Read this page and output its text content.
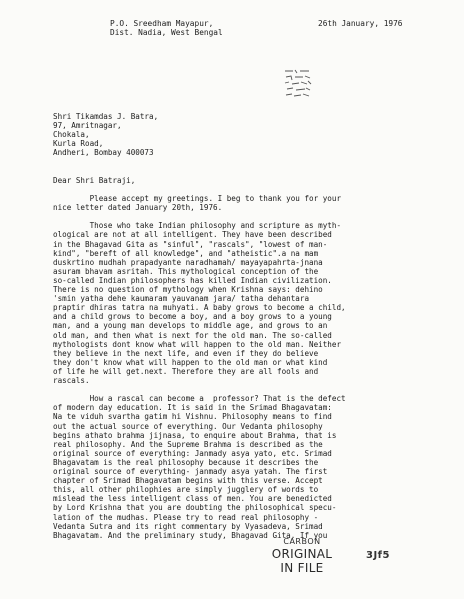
P.O. Sreedham Mayapur,	26th January, 1976
Dist. Nadia, West Bengal
Shri Tikamdas J. Batra,
97, Amritnagar,
Chokala,
Kurla Road,
Andheri, Bombay 400073
Dear Shri Batraji,
Please accept my greetings. I beg to thank you for your
nice letter dated January 20th, 1976.
Those who take Indian philosophy and scripture as myth-
ological are not at all intelligent. They have been described
in the Bhagavad Gita as "sinful", "rascals", "lowest of man-
kind", "bereft of all knowledge", and "atheistic".a na mam
duskrtino mudhah prapadyante naradhamah/ mayayapahrta-jnana
asuram bhavam asritah. This mythological conception of the
so-called Indian philosophers has killed Indian civilization.
There is no question of mythology when Krishna says: dehino
'smin yatha dehe kaumaram yauvanam jara/ tatha dehantara
praptir dhiras tatra na muhyati. A baby grows to become a child,
and a child grows to become a boy, and a boy grows to a young
man, and a young man develops to middle age, and grows to an
old man, and then what is next for the old man. The so-called
mythologists dont know what will happen to the old man. Neither
they believe in the next life, and even if they do believe
they don't know what will happen to the old man or what kind
of life he will get.next. Therefore they are all fools and
rascals.
How a rascal can become a  professor? That is the defect
of modern day education. It is said in the Srimad Bhagavatam:
Na te viduh svartha gatim hi Vishnu. Philosophy means to find
out the actual source of everything. Our Vedanta philosophy
begins athato brahma jijnasa, to enquire about Brahma, that is
real philosophy. And the Supreme Brahma is described as the
original source of everything: Janmady asya yato, etc. Srimad
Bhagavatam is the real philosophy because it describes the
original source of everything- janmady asya yatah. The first
chapter of Srimad Bhagavatam begins with this verse. Accept
this, all other philophies are simply jugglery of words to
mislead the less intelligent class of men. You are benedicted
by Lord Krishna that you are doubting the philosophical specu-
lation of the mudhas. Please try to read real philosophy -
Vedanta Sutra and its right commentary by Vyasadeva, Srimad
Bhagavatam. And the preliminary study, Bhagavad Gita. If you
CARBON
ORIGINAL
IN FILE
3Jf5
